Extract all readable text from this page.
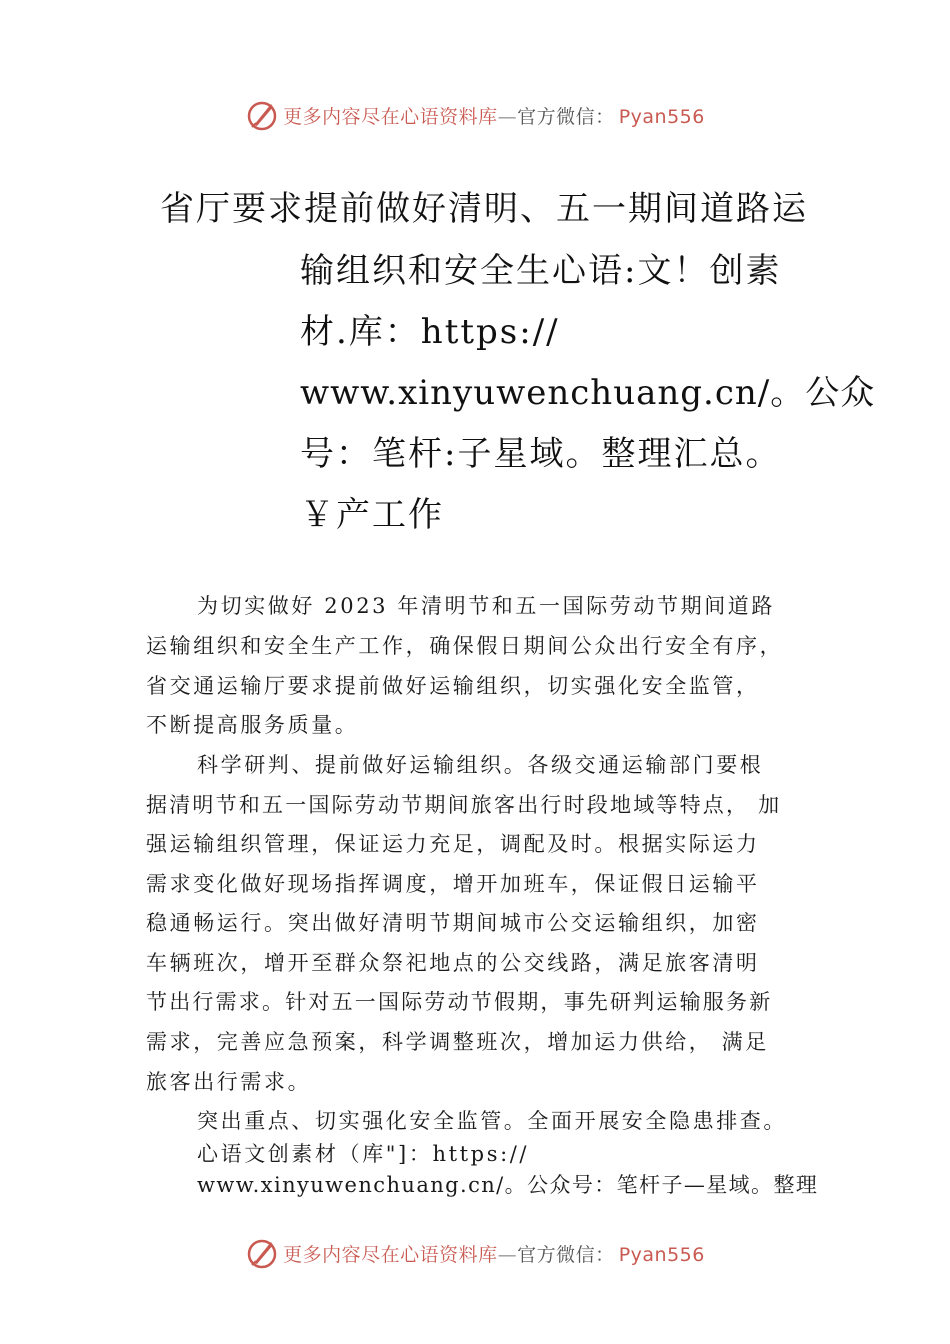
更多内容尽在心语资料库—官方微信： Pyan556
省厅要求提前做好清明、五一期间道路运
输组织和安全生心语:文！创素
材.库：https://
www.xinyuwenchuang.cn/。公众
号：笔杆:子星域。整理汇总。
￥产工作
为切实做好 2023 年清明节和五一国际劳动节期间道路
运输组织和安全生产工作，确保假日期间公众出行安全有序，
省交通运输厅要求提前做好运输组织，切实强化安全监管，
不断提高服务质量。
科学研判、提前做好运输组织。各级交通运输部门要根
据清明节和五一国际劳动节期间旅客出行时段地域等特点， 加
强运输组织管理，保证运力充足，调配及时。根据实际运力
需求变化做好现场指挥调度，增开加班车，保证假日运输平
稳通畅运行。突出做好清明节期间城市公交运输组织，加密
车辆班次，增开至群众祭祀地点的公交线路，满足旅客清明
节出行需求。针对五一国际劳动节假期，事先研判运输服务新
需求，完善应急预案，科学调整班次，增加运力供给， 满足
旅客出行需求。
突出重点、切实强化安全监管。全面开展安全隐患排查。
心语文创素材（库"]：https://
www.xinyuwenchuang.cn/。公众号：笔杆子—星域。整理
更多内容尽在心语资料库—官方微信： Pyan556
